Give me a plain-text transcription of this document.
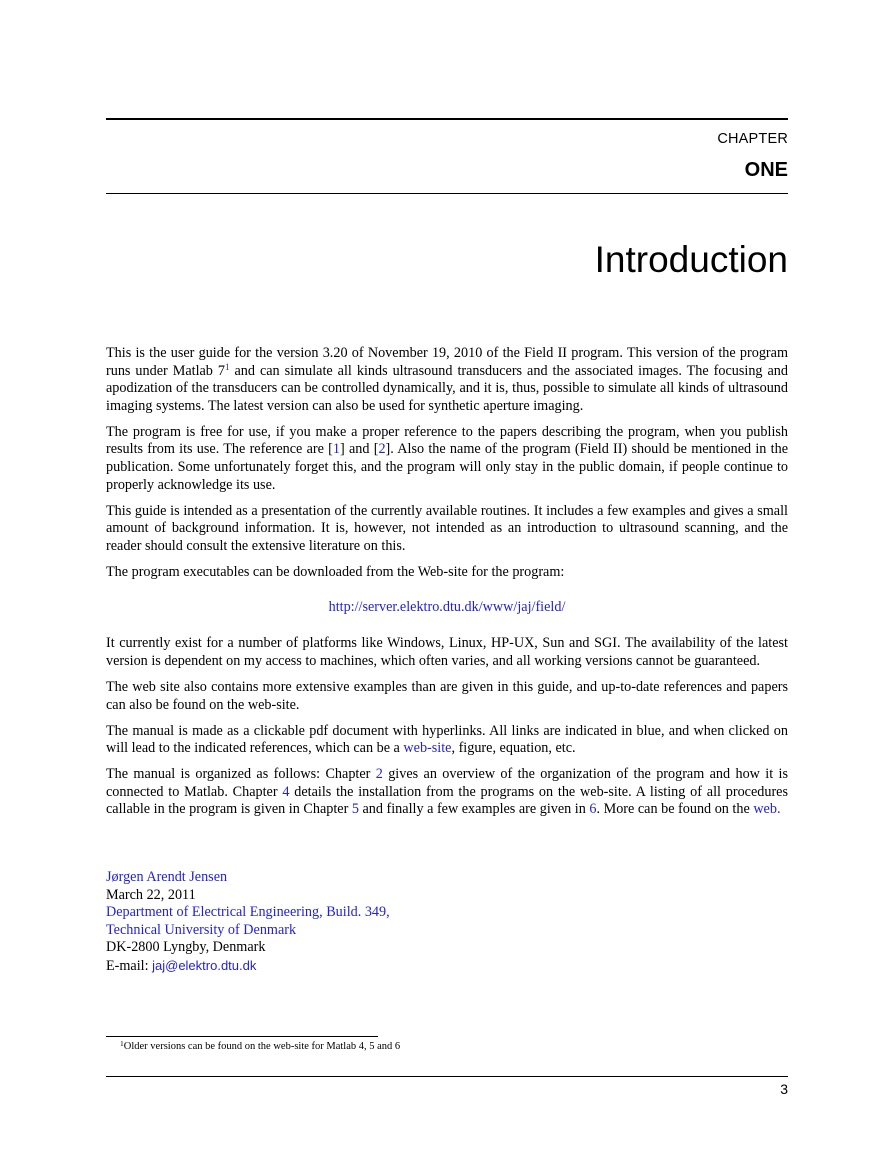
CHAPTER
ONE
Introduction

This is the user guide for the version 3.20 of November 19, 2010 of the Field II program. This version of the program runs under Matlab $7^1$ and can simulate all kinds ultrasound transducers and the associated images. The focusing and apodization of the transducers can be controlled dynamically, and it is, thus, possible to simulate all kinds of ultrasound imaging systems. The latest version can also be used for synthetic aperture imaging.

The program is free for use, if you make a proper reference to the papers describing the program, when you publish results from its use. The reference are [1] and [2]. Also the name of the program (Field II) should be mentioned in the publication. Some unfortunately forget this, and the program will only stay in the public domain, if people continue to properly acknowledge its use.

This guide is intended as a presentation of the currently available routines. It includes a few examples and gives a small amount of background information. It is, however, not intended as an introduction to ultrasound scanning, and the reader should consult the extensive literature on this.

The program executables can be downloaded from the Web-site for the program:

http://server.elektro.dtu.dk/www/jaj/field/

It currently exist for a number of platforms like Windows, Linux, HP-UX, Sun and SGI. The availability of the latest version is dependent on my access to machines, which often varies, and all working versions cannot be guaranteed.

The web site also contains more extensive examples than are given in this guide, and up-to-date references and papers can also be found on the web-site.

The manual is made as a clickable pdf document with hyperlinks. All links are indicated in blue, and when clicked on will lead to the indicated references, which can be a web-site, figure, equation, etc.

The manual is organized as follows: Chapter 2 gives an overview of the organization of the program and how it is connected to Matlab. Chapter 4 details the installation from the programs on the web-site. A listing of all procedures callable in the program is given in Chapter 5 and finally a few examples are given in 6. More can be found on the web.

Jørgen Arendt Jensen
March 22, 2011
Department of Electrical Engineering, Build. 349,
Technical University of Denmark
DK-2800 Lyngby, Denmark
E-mail: jaj@elektro.dtu.dk
$^1$Older versions can be found on the web-site for Matlab 4, 5 and 6
3
